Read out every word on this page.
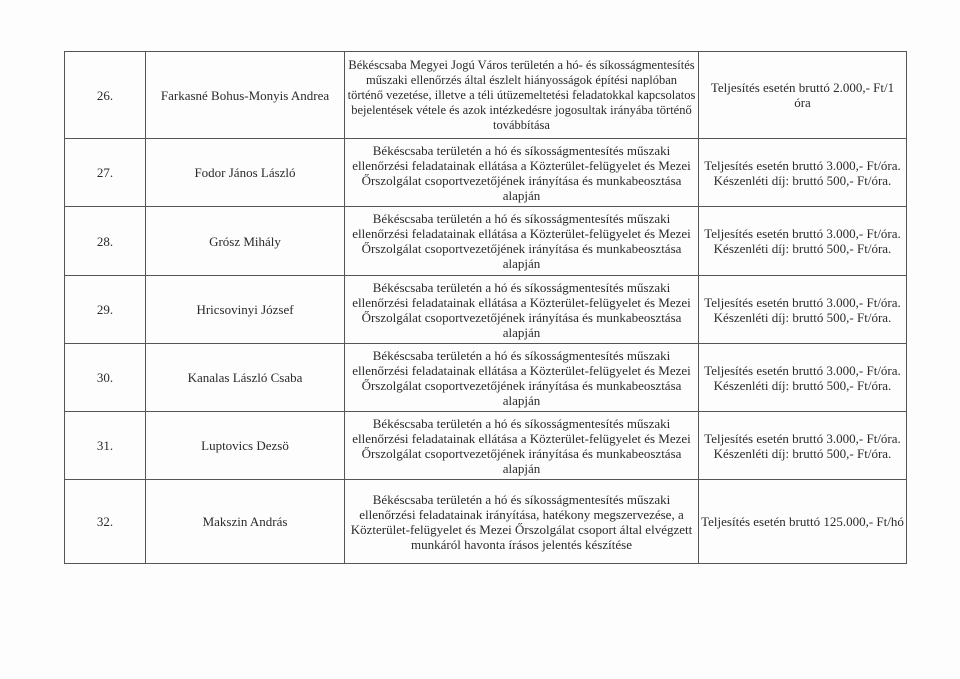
26.	Farkasné Bohus-Monyis Andrea	Békéscsaba Megyei Jogú Város területén a hó- és síkosságmentesítés műszaki ellenőrzés által észlelt hiányosságok építési naplóban történő vezetése, illetve a téli útüzemeltetési feladatokkal kapcsolatos bejelentések vétele és azok intézkedésre jogosultak irányába történő továbbítása	Teljesítés esetén bruttó 2.000,- Ft/1 óra
27.	Fodor János László	Békéscsaba területén a hó és síkosságmentesítés műszaki ellenőrzési feladatainak ellátása a Közterület-felügyelet és Mezei Őrszolgálat csoportvezetőjének irányítása és munkabeosztása alapján	Teljesítés esetén bruttó 3.000,- Ft/óra. Készenléti díj: bruttó 500,- Ft/óra.
28.	Grósz Mihály	Békéscsaba területén a hó és síkosságmentesítés műszaki ellenőrzési feladatainak ellátása a Közterület-felügyelet és Mezei Őrszolgálat csoportvezetőjének irányítása és munkabeosztása alapján	Teljesítés esetén bruttó 3.000,- Ft/óra. Készenléti díj: bruttó 500,- Ft/óra.
29.	Hricsovinyi József	Békéscsaba területén a hó és síkosságmentesítés műszaki ellenőrzési feladatainak ellátása a Közterület-felügyelet és Mezei Őrszolgálat csoportvezetőjének irányítása és munkabeosztása alapján	Teljesítés esetén bruttó 3.000,- Ft/óra. Készenléti díj: bruttó 500,- Ft/óra.
30.	Kanalas László Csaba	Békéscsaba területén a hó és síkosságmentesítés műszaki ellenőrzési feladatainak ellátása a Közterület-felügyelet és Mezei Őrszolgálat csoportvezetőjének irányítása és munkabeosztása alapján	Teljesítés esetén bruttó 3.000,- Ft/óra. Készenléti díj: bruttó 500,- Ft/óra.
31.	Luptovics Dezsö	Békéscsaba területén a hó és síkosságmentesítés műszaki ellenőrzési feladatainak ellátása a Közterület-felügyelet és Mezei Őrszolgálat csoportvezetőjének irányítása és munkabeosztása alapján	Teljesítés esetén bruttó 3.000,- Ft/óra. Készenléti díj: bruttó 500,- Ft/óra.
32.	Makszin András	Békéscsaba területén a hó és síkosságmentesítés műszaki ellenőrzési feladatainak irányítása, hatékony megszervezése, a Közterület-felügyelet és Mezei Őrszolgálat csoport által elvégzett munkáról havonta írásos jelentés készítése	Teljesítés esetén bruttó 125.000,- Ft/hó
